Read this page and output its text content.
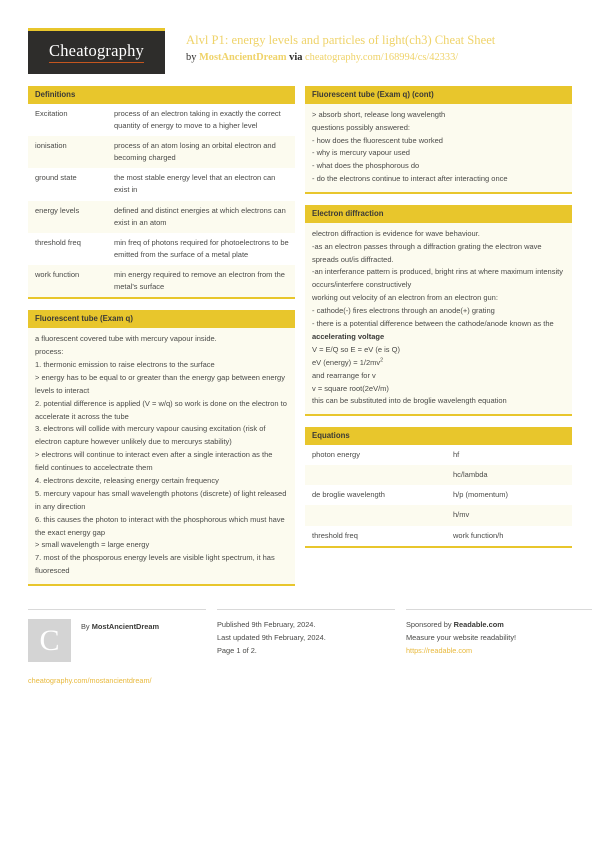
Cheatography
Alvl P1: energy levels and particles of light(ch3) Cheat Sheet
by MostAncientDream via cheatography.com/168994/cs/42333/
Definitions
Excitation	process of an electron taking in exactly the correct quantity of energy to move to a higher level
ionisation	process of an atom losing an orbital electron and becoming charged
ground state	the most stable energy level that an electron can exist in
energy levels	defined and distinct energies at which electrons can exist in an atom
threshold freq	min freq of photons required for photoelectrons to be emitted from the surface of a metal plate
work function	min energy required to remove an electron from the metal's surface
Fluorescent tube (Exam q)

a fluorescent covered tube with mercury vapour inside.

process:

1. thermonic emission to raise electrons to the surface

> energy has to be equal to or greater than the energy gap between energy levels to interact

2. potential difference is applied (V = w/q) so work is done on the electron to accelerate it across the tube

3. electrons will collide with mercury vapour causing excitation (risk of electron capture however unlikely due to mercurys stability)

> electrons will continue to interact even after a single interaction as the field continues to accelectrate them

4. electrons dexcite, releasing energy certain frequency

5. mercury vapour has small wavelength photons (discrete) of light released in any direction

6. this causes the photon to interact with the phosphorous which must have the exact energy gap

> small wavelength = large energy

7. most of the phosporous energy levels are visible light spectrum, it has fluoresced

Fluorescent tube (Exam q) (cont)

> absorb short, release long wavelength

questions possibly answered:

- how does the fluorescent tube worked

- why is mercury vapour used

- what does the phosphorous do

- do the electrons continue to interact after interacting once

Electron diffraction

electron diffraction is evidence for wave behaviour.

-as an electron passes through a diffraction grating the electron wave spreads out/is diffracted.

-an interferance pattern is produced, bright rins at where maximum intensity occurs/interfere constructively

working out velocity of an electron from an electron gun:

- cathode(-) fires electrons through an anode(+) grating

- there is a potential difference between the cathode/anode known as the accelerating voltage

V = E/Q so E = eV (e is Q)

eV (energy) = $1/2mv^2$

and rearrange for v

v = square root(2eV/m)

this can be substituted into de broglie wavelength equation

Equations
photon energy	hf
	hc/lambda
de broglie wavelength	h/p (momentum)
	h/mv
threshold freq	work function/h
C	By MostAncientDream
cheatography.com/mostancientdream/
Published 9th February, 2024.
Last updated 9th February, 2024.
Page 1 of 2.
Sponsored by Readable.com
Measure your website readability!
https://readable.com
